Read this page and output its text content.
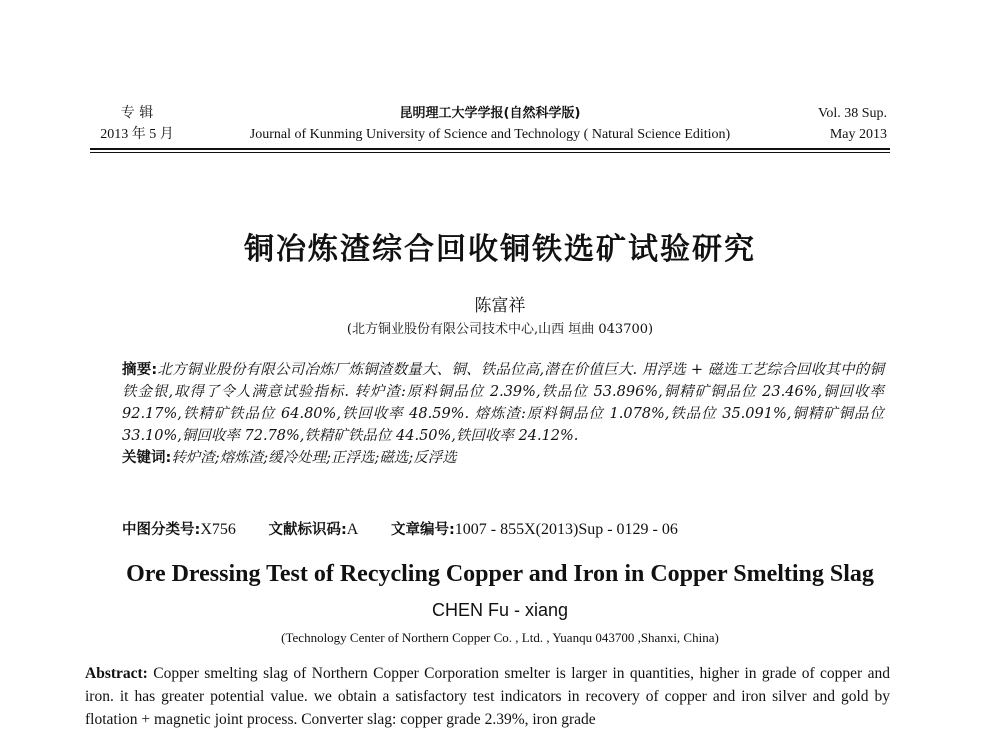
专 辑
2013 年 5 月
昆明理工大学学报(自然科学版)
Journal of Kunming University of Science and Technology ( Natural Science Edition)
Vol. 38 Sup.
May 2013
铜冶炼渣综合回收铜铁选矿试验研究
陈富祥
(北方铜业股份有限公司技术中心,山西 垣曲 043700)

摘要:北方铜业股份有限公司冶炼厂炼铜渣数量大、铜、铁品位高,潜在价值巨大. 用浮选 + 磁选工艺综合回收其中的铜铁金银,取得了令人满意试验指标. 转炉渣:原料铜品位 2.39%,铁品位 53.896%,铜精矿铜品位 23.46%,铜回收率 92.17%,铁精矿铁品位 64.80%,铁回收率 48.59%. 熔炼渣:原料铜品位 1.078%,铁品位 35.091%,铜精矿铜品位 33.10%,铜回收率 72.78%,铁精矿铁品位 44.50%,铁回收率 24.12%.

关键词:转炉渣;熔炼渣;缓冷处理;正浮选;磁选;反浮选

中图分类号:X756 文献标识码:A 文章编号:1007 - 855X(2013)Sup - 0129 - 06
Ore Dressing Test of Recycling Copper and Iron in Copper Smelting Slag
CHEN Fu - xiang
(Technology Center of Northern Copper Co. , Ltd. , Yuanqu 043700 ,Shanxi, China)
Abstract: Copper smelting slag of Northern Copper Corporation smelter is larger in quantities, higher in grade of copper and iron. it has greater potential value. we obtain a satisfactory test indicators in recovery of copper and iron silver and gold by flotation + magnetic joint process. Converter slag: copper grade 2.39%, iron grade
